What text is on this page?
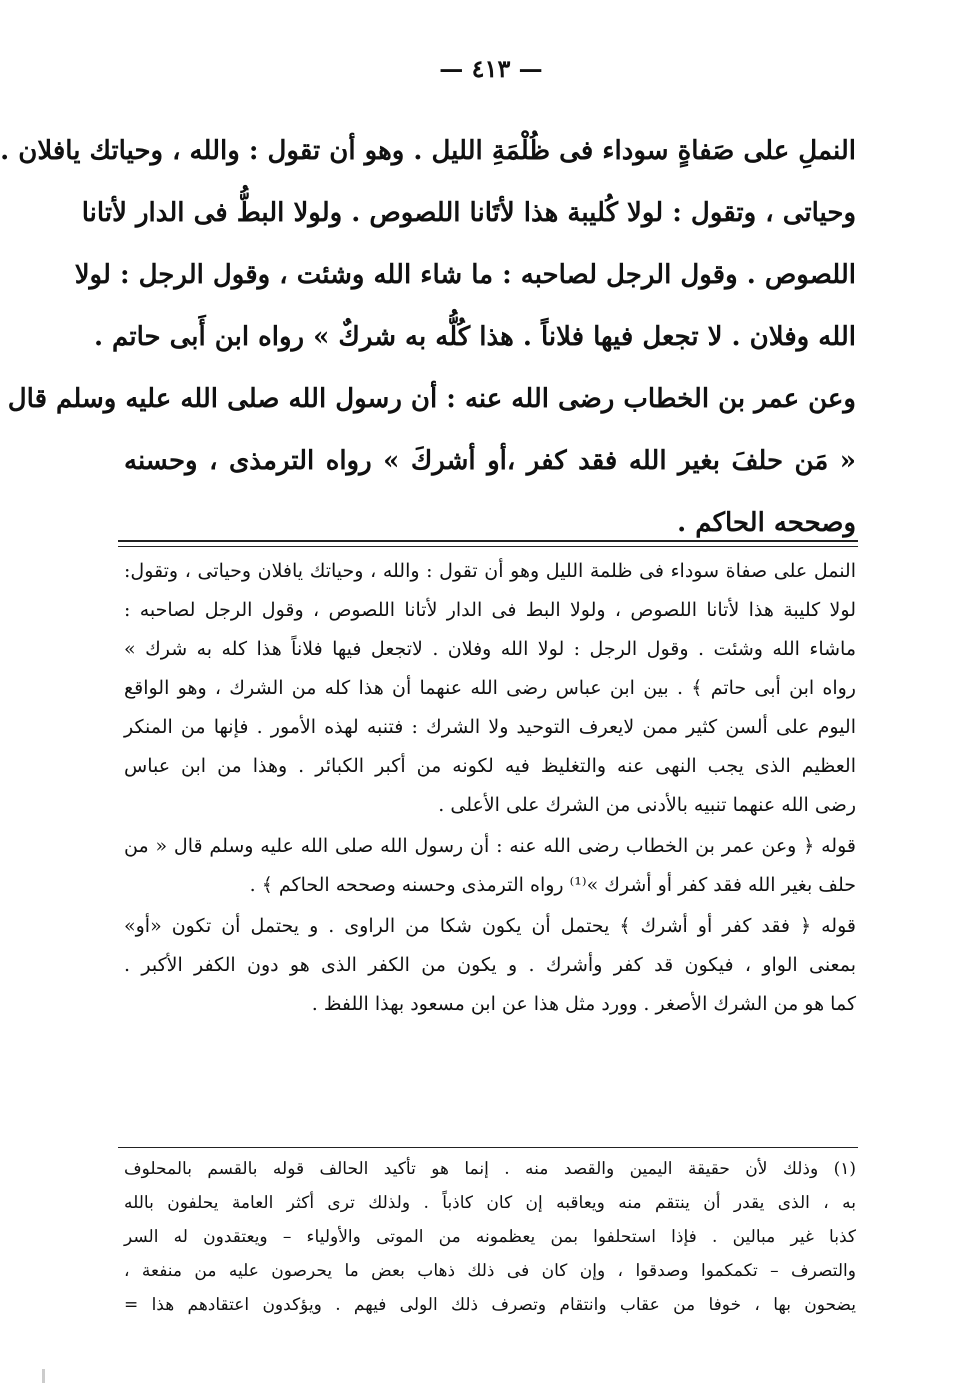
— ٤١٣ —
النملِ على صَفاةٍ سوداء فى ظُلْمَةِ الليل . وهو أن تقول : والله ، وحياتك يافلان .
وحياتى ، وتقول : لولا كُليبة هذا لأتَانا اللصوص . ولولا البطُّ فى الدار لأتانا
اللصوص . وقول الرجل لصاحبه : ما شاء الله وشئت ، وقول الرجل : لولا
الله وفلان . لا تجعل فيها فلاناً . هذا كُلُّه به شركٌ » رواه ابن أَبى حاتم .
وعن عمر بن الخطاب رضى الله عنه : أن رسول الله صلى الله عليه وسلم قال
« مَن حلفَ بغير الله فقد كفر ،أو أشركَ » رواه الترمذى ، وحسنه
وصححه الحاكم .
النمل على صفاة سوداء فى ظلمة الليل وهو أن تقول : والله ، وحياتك يافلان وحياتى ، وتقول:
لولا كليبة هذا لأتانا اللصوص ، ولولا البط فى الدار لأتانا اللصوص ، وقول الرجل لصاحبه :
ماشاء الله وشئت . وقول الرجل : لولا الله وفلان . لاتجعل فيها فلاناً هذا كله به شرك »
رواه ابن أبى حاتم ﴾ . بين ابن عباس رضى الله عنهما أن هذا كله من الشرك ، وهو الواقع
اليوم على ألسن كثير ممن لايعرف التوحيد ولا الشرك : فتنبه لهذه الأمور . فإنها من المنكر
العظيم الذى يجب النهى عنه والتغليظ فيه لكونه من أكبر الكبائر . وهذا من ابن عباس
رضى الله عنهما تنبيه بالأدنى من الشرك على الأعلى .
قوله ﴿ وعن عمر بن الخطاب رضى الله عنه : أن رسول الله صلى الله عليه وسلم قال « من
حلف بغير الله فقد كفر أو أشرك »⁽¹⁾ رواه الترمذى وحسنه وصححه الحاكم ﴾ .
قوله ﴿ فقد كفر أو أشرك ﴾ يحتمل أن يكون شكا من الراوى . و يحتمل أن تكون «أو»
بمعنى الواو ، فيكون قد كفر وأشرك . و يكون من الكفر الذى هو دون الكفر الأكبر .
كما هو من الشرك الأصغر . وورد مثل هذا عن ابن مسعود بهذا اللفظ .
(١) وذلك لأن حقيقة اليمين والقصد منه . إنما هو تأكيد الحالف قوله بالقسم بالمحلوف
به ، الذى يقدر أن ينتقم منه ويعاقبه إن كان كاذباً . ولذلك ترى أكثر العامة يحلفون بالله
كذبا غير مبالين . فإذا استحلفوا بمن يعظمونه من الموتى والأولياء – ويعتقدون له السر
والتصرف – تكمكموا وصدقوا ، وإن كان فى ذلك ذهاب بعض ما يحرصون عليه من منفعة ،
يضحون بها ، خوفا من عقاب وانتقام وتصرف ذلك الولى فيهم . ويؤكدون اعتقادهم هذا =
